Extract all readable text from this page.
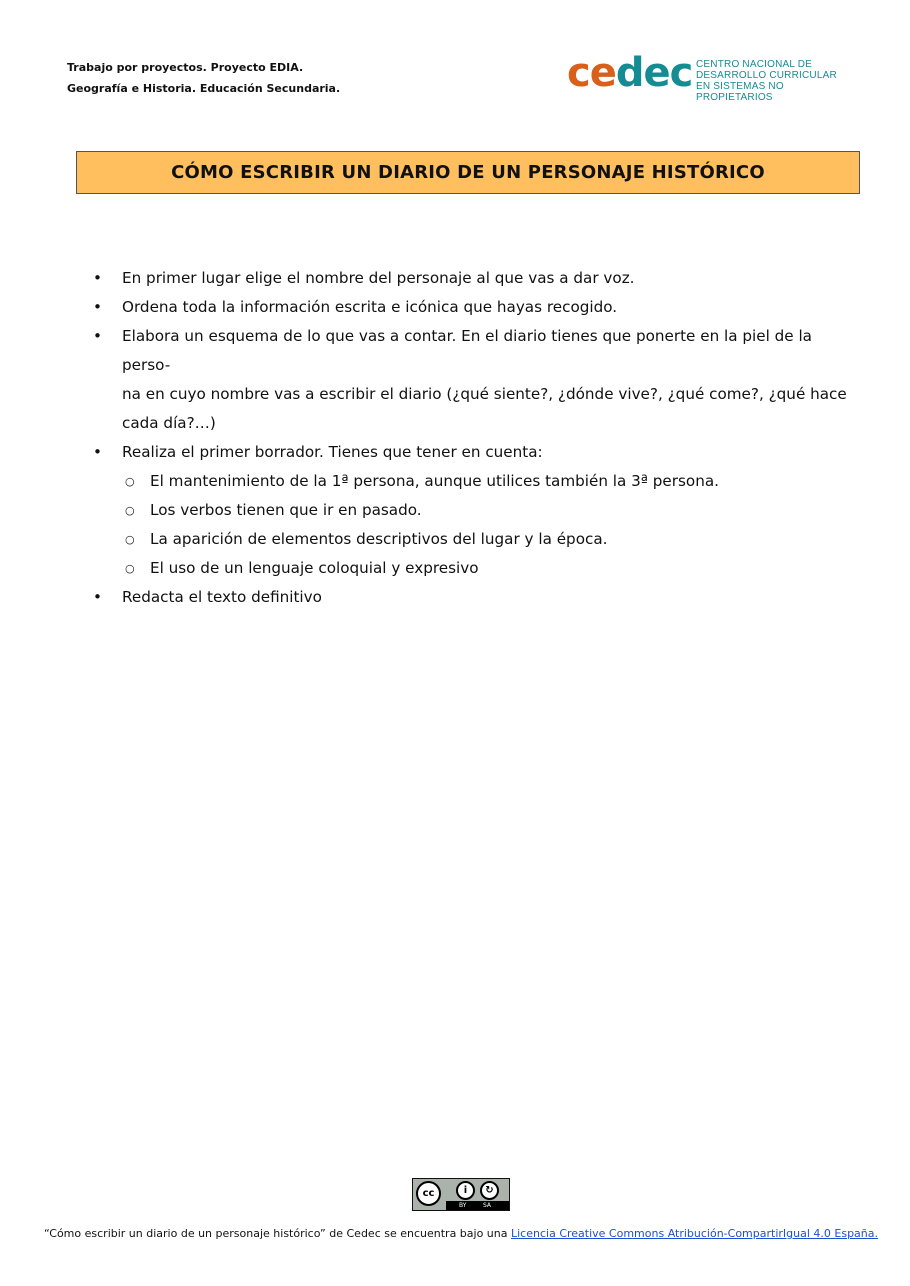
Trabajo por proyectos. Proyecto EDIA.
Geografía e Historia. Educación Secundaria.	cedec CENTRO NACIONAL DE
DESARROLLO CURRICULAR
EN SISTEMAS NO PROPIETARIOS
CÓMO ESCRIBIR UN DIARIO DE UN PERSONAJE HISTÓRICO
• En primer lugar elige el nombre del personaje al que vas a dar voz.
• Ordena toda la información escrita e icónica que hayas recogido.
• Elabora un esquema de lo que vas a contar. En el diario tienes que ponerte en la piel de la perso-
na en cuyo nombre vas a escribir el diario (¿qué siente?, ¿dónde vive?, ¿qué come?, ¿qué hace
cada día?…)
• Realiza el primer borrador. Tienes que tener en cuenta:
○ El mantenimiento de la 1ª persona, aunque utilices también la 3ª persona.
○ Los verbos tienen que ir en pasado.
○ La aparición de elementos descriptivos del lugar y la época.
○ El uso de un lenguaje coloquial y expresivo
• Redacta el texto definitivo
cc	i	↻
BY	SA
“Cómo escribir un diario de un personaje histórico” de Cedec se encuentra bajo una Licencia Creative Commons Atribución-CompartirIgual 4.0 España.
